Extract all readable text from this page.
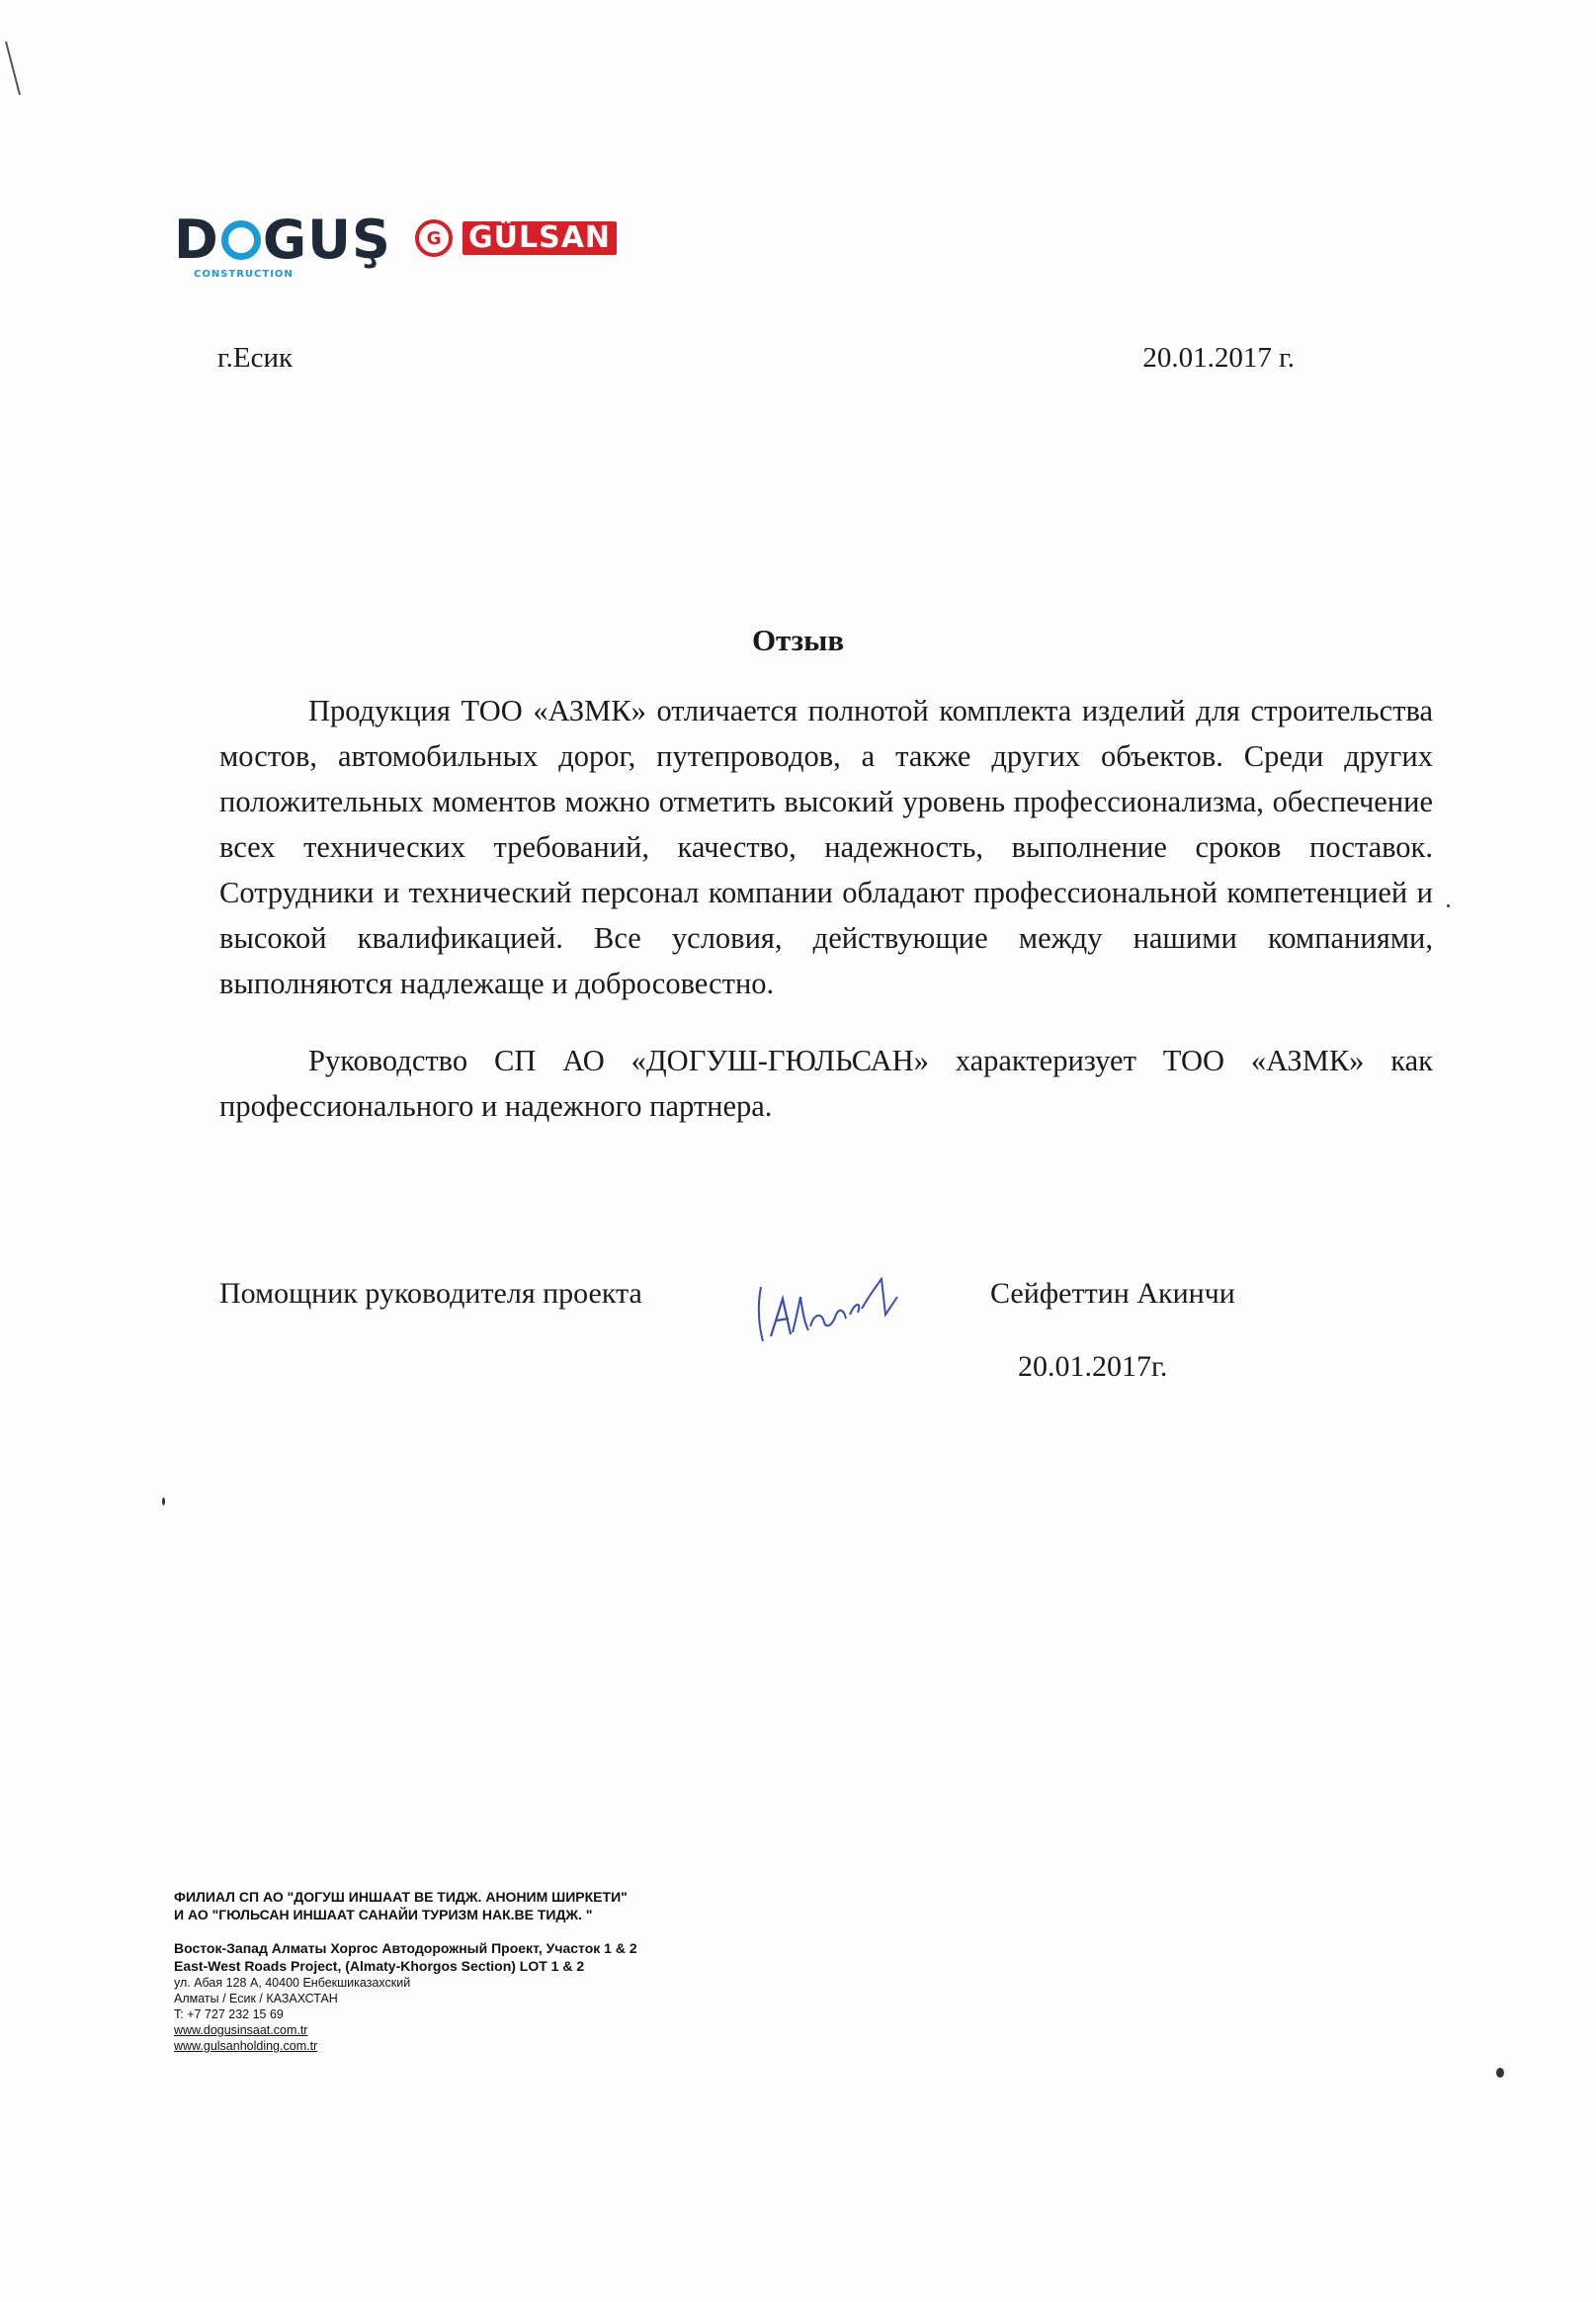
D GUŞ
CONSTRUCTION
G GÜLSAN
г.Есик	20.01.2017 г.
Отзыв

Продукция ТОО «АЗМК» отличается полнотой комплекта изделий для строительства мостов, автомобильных дорог, путепроводов, а также других объектов. Среди других положительных моментов можно отметить высокий уровень профессионализма, обеспечение всех технических требований, качество, надежность, выполнение сроков поставок. Сотрудники и технический персонал компании обладают профессиональной компетенцией и высокой квалификацией. Все условия, действующие между нашими компаниями, выполняются надлежаще и добросовестно.

Руководство СП АО «ДОГУШ-ГЮЛЬСАН» характеризует ТОО «АЗМК» как профессионального и надежного партнера.

Помощник руководителя проекта	Сейфеттин Акинчи
20.01.2017г.

ФИЛИАЛ СП АО "ДОГУШ ИНШААТ ВЕ ТИДЖ. АНОНИМ ШИРКЕТИ"

И АО "ГЮЛЬСАН ИНШААТ САНАЙИ ТУРИЗМ НАК.ВЕ ТИДЖ. "

Восток-Запад Алматы Хоргос Автодорожный Проект, Участок 1 & 2

East-West Roads Project, (Almaty-Khorgos Section) LOT 1 & 2

ул. Абая 128 А, 40400 Енбекшиказахский

Алматы / Есик / КАЗАХСТАН

T: +7 727 232 15 69

www.dogusinsaat.com.tr

www.gulsanholding.com.tr
